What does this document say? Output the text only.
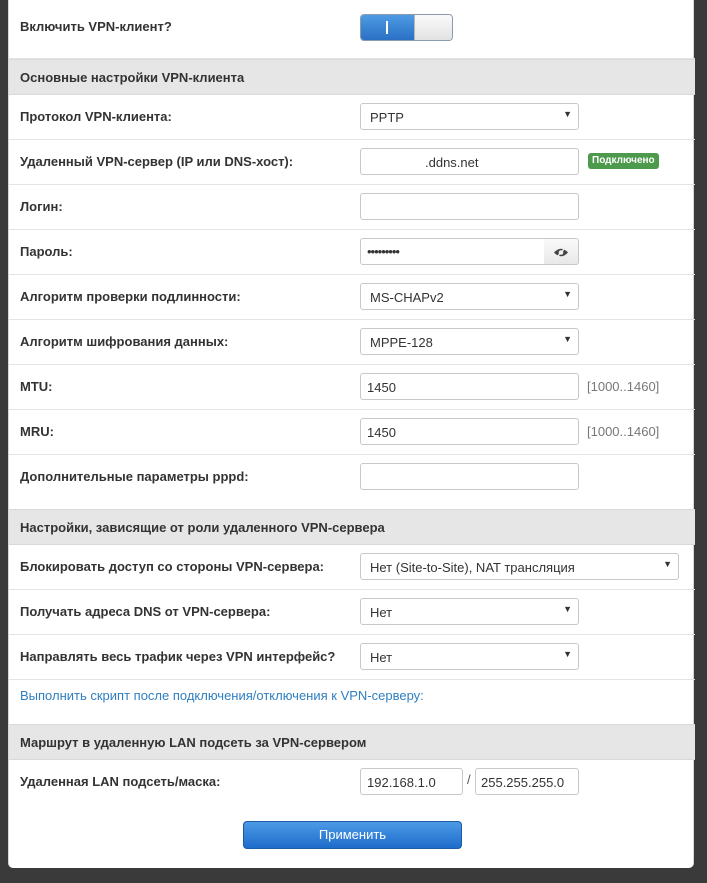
Включить VPN-клиент?
Основные настройки VPN-клиента
Протокол VPN-клиента:	PPTP	▼
Удаленный VPN-сервер (IP или DNS-хост):	.ddns.net	Подключено
Логин:
Пароль:	•••••••••
Алгоритм проверки подлинности:	MS-CHAPv2	▼
Алгоритм шифрования данных:	MPPE-128	▼
MTU:	1450	[1000..1460]
MRU:	1450	[1000..1460]
Дополнительные параметры pppd:
Настройки, зависящие от роли удаленного VPN-сервера
Блокировать доступ со стороны VPN-сервера:	Нет (Site-to-Site), NAT трансляция	▼
Получать адреса DNS от VPN-сервера:	Нет	▼
Направлять весь трафик через VPN интерфейс?	Нет	▼
Выполнить скрипт после подключения/отключения к VPN-серверу:
Маршрут в удаленную LAN подсеть за VPN-сервером
Удаленная LAN подсеть/маска:	192.168.1.0 / 255.255.255.0
Применить
